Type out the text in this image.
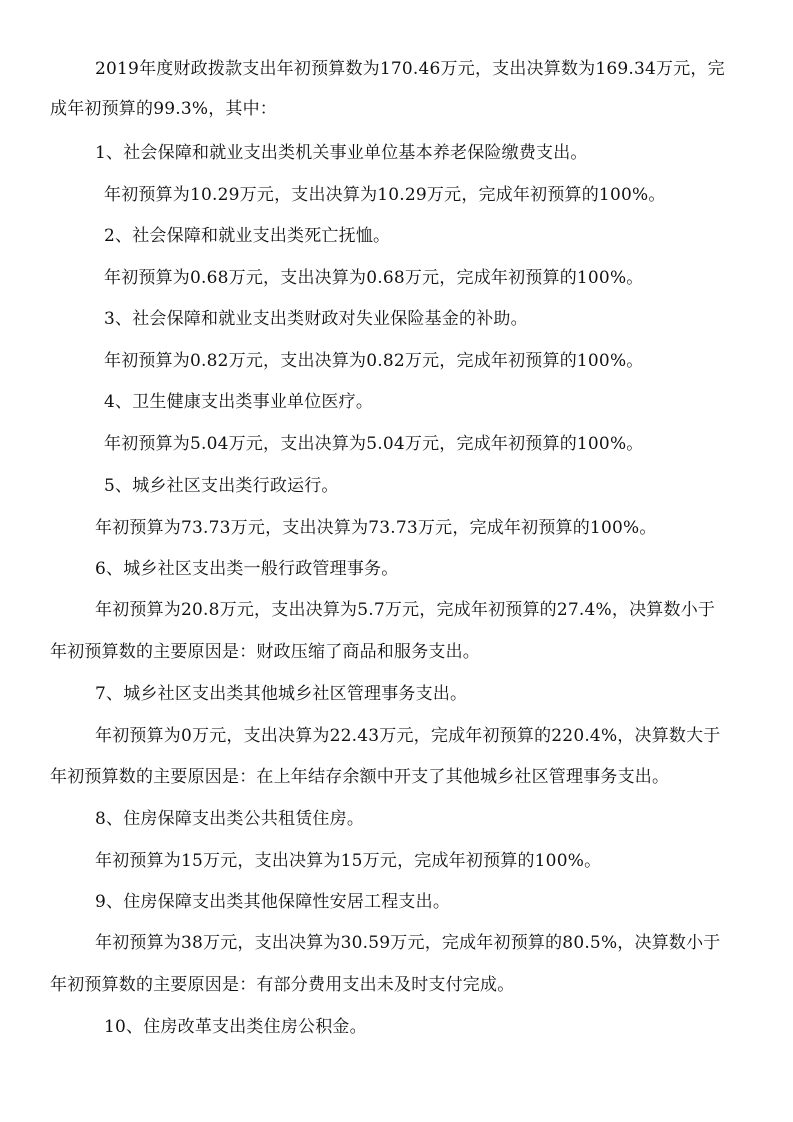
2019年度财政拨款支出年初预算数为170.46万元，支出决算数为169.34万元，完
成年初预算的99.3%，其中：
1、社会保障和就业支出类机关事业单位基本养老保险缴费支出。
年初预算为10.29万元，支出决算为10.29万元，完成年初预算的100%。
2、社会保障和就业支出类死亡抚恤。
年初预算为0.68万元，支出决算为0.68万元，完成年初预算的100%。
3、社会保障和就业支出类财政对失业保险基金的补助。
年初预算为0.82万元，支出决算为0.82万元，完成年初预算的100%。
4、卫生健康支出类事业单位医疗。
年初预算为5.04万元，支出决算为5.04万元，完成年初预算的100%。
5、城乡社区支出类行政运行。
年初预算为73.73万元，支出决算为73.73万元，完成年初预算的100%。
6、城乡社区支出类一般行政管理事务。
年初预算为20.8万元，支出决算为5.7万元，完成年初预算的27.4%，决算数小于
年初预算数的主要原因是：财政压缩了商品和服务支出。
7、城乡社区支出类其他城乡社区管理事务支出。
年初预算为0万元，支出决算为22.43万元，完成年初预算的220.4%，决算数大于
年初预算数的主要原因是：在上年结存余额中开支了其他城乡社区管理事务支出。
8、住房保障支出类公共租赁住房。
年初预算为15万元，支出决算为15万元，完成年初预算的100%。
9、住房保障支出类其他保障性安居工程支出。
年初预算为38万元，支出决算为30.59万元，完成年初预算的80.5%，决算数小于
年初预算数的主要原因是：有部分费用支出未及时支付完成。
10、住房改革支出类住房公积金。
